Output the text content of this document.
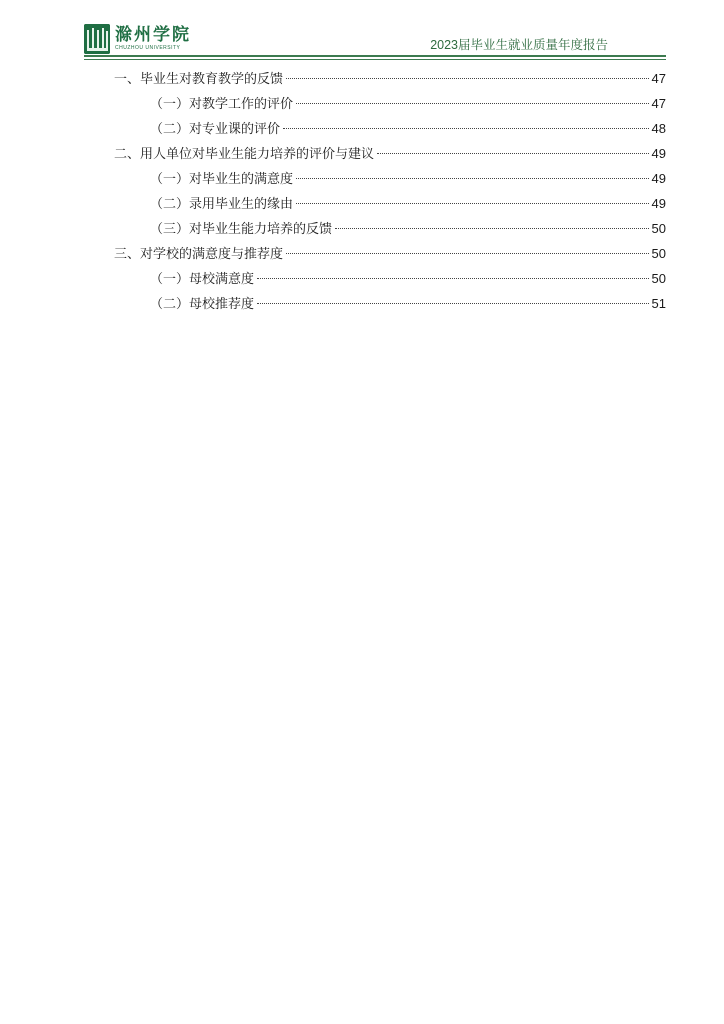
滁州学院
CHUZHOU UNIVERSITY	2023届毕业生就业质量年度报告
一、毕业生对教育教学的反馈	47
（一）对教学工作的评价	47
（二）对专业课的评价	48
二、用人单位对毕业生能力培养的评价与建议	49
（一）对毕业生的满意度	49
（二）录用毕业生的缘由	49
（三）对毕业生能力培养的反馈	50
三、对学校的满意度与推荐度	50
（一）母校满意度	50
（二）母校推荐度	51
